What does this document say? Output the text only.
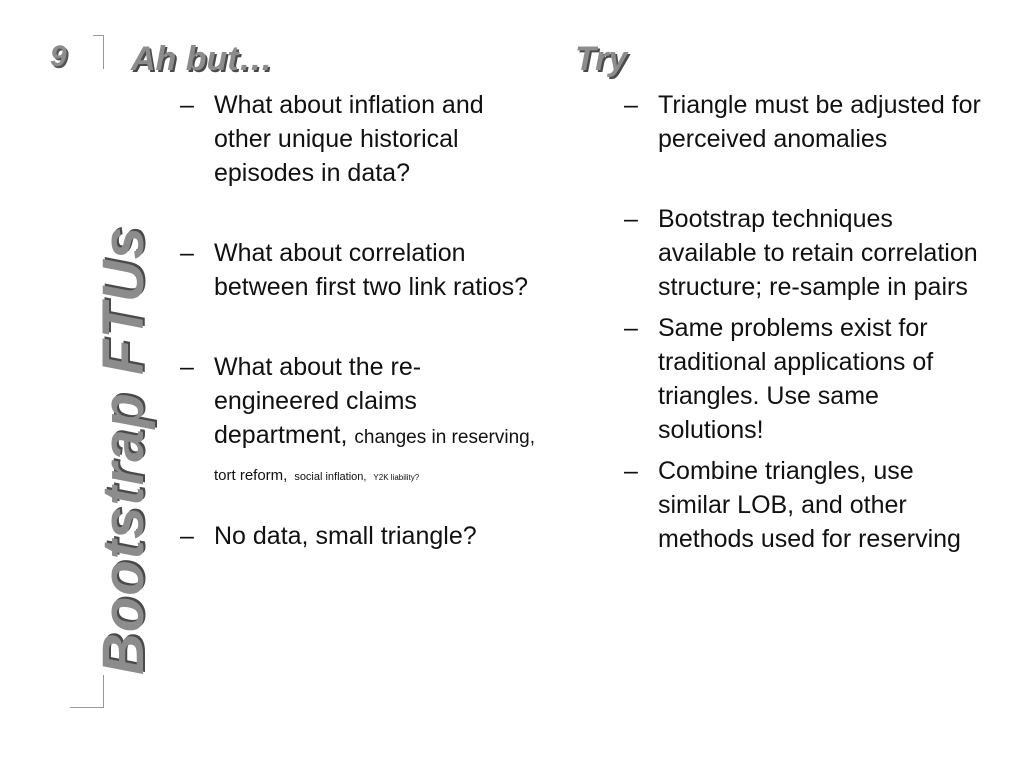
9
Bootstrap FTUs
Ah but…	Try
– What about inflation and other unique historical episodes in data?
– What about correlation between first two link ratios?
– What about the re-engineered claims department, changes in reserving, tort reform, social inflation, Y2K liability?
– No data, small triangle?
– Triangle must be adjusted for perceived anomalies
– Bootstrap techniques available to retain correlation structure; re-sample in pairs
– Same problems exist for traditional applications of triangles. Use same solutions!
– Combine triangles, use similar LOB, and other methods used for reserving
